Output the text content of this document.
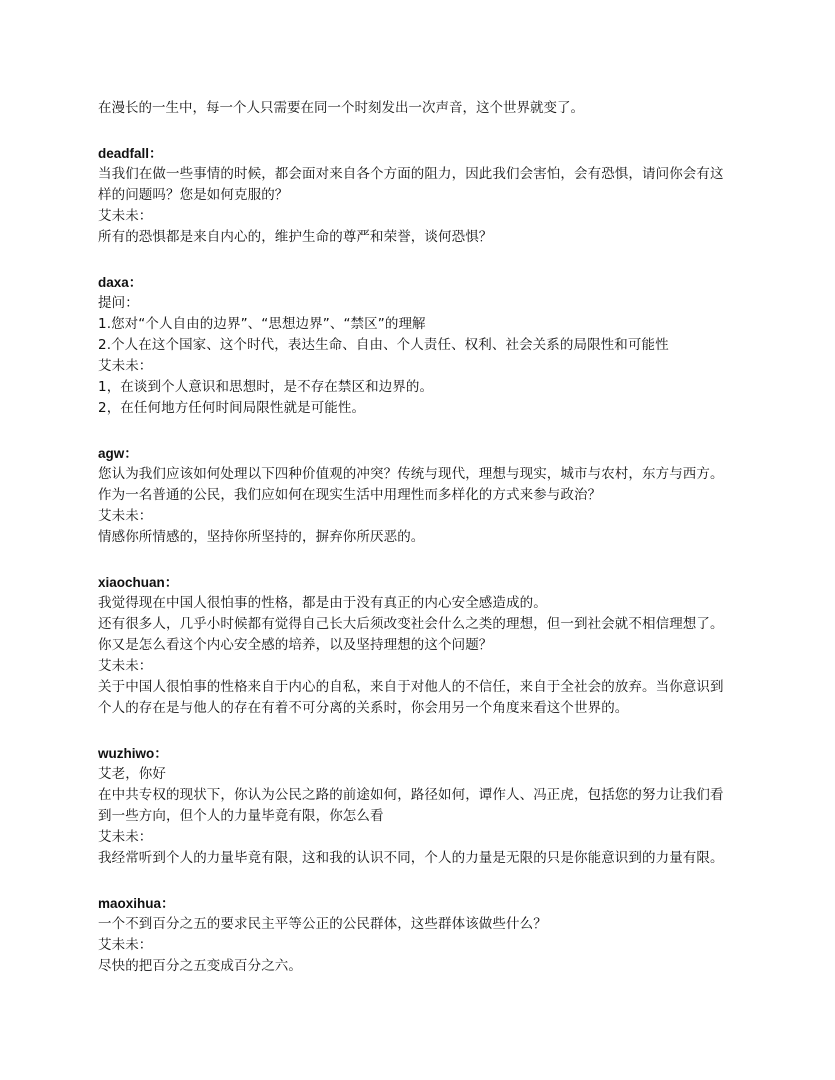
在漫长的一生中，每一个人只需要在同一个时刻发出一次声音，这个世界就变了。
deadfall：
当我们在做一些事情的时候，都会面对来自各个方面的阻力，因此我们会害怕，会有恐惧，请问你会有这
样的问题吗？您是如何克服的？
艾未未：
所有的恐惧都是来自内心的，维护生命的尊严和荣誉，谈何恐惧？
daxa：
提问：
1.您对“个人自由的边界”、“思想边界”、“禁区”的理解
2.个人在这个国家、这个时代，表达生命、自由、个人责任、权利、社会关系的局限性和可能性
艾未未：
1，在谈到个人意识和思想时，是不存在禁区和边界的。
2，在任何地方任何时间局限性就是可能性。
agw：
您认为我们应该如何处理以下四种价值观的冲突？传统与现代，理想与现实，城市与农村，东方与西方。
作为一名普通的公民，我们应如何在现实生活中用理性而多样化的方式来参与政治？
艾未未：
情感你所情感的，坚持你所坚持的，摒弃你所厌恶的。
xiaochuan：
我觉得现在中国人很怕事的性格，都是由于没有真正的内心安全感造成的。
还有很多人，几乎小时候都有觉得自己长大后须改变社会什么之类的理想，但一到社会就不相信理想了。
你又是怎么看这个内心安全感的培养，以及坚持理想的这个问题？
艾未未：
关于中国人很怕事的性格来自于内心的自私，来自于对他人的不信任，来自于全社会的放弃。当你意识到
个人的存在是与他人的存在有着不可分离的关系时，你会用另一个角度来看这个世界的。
wuzhiwo：
艾老，你好
在中共专权的现状下，你认为公民之路的前途如何，路径如何，谭作人、冯正虎，包括您的努力让我们看
到一些方向，但个人的力量毕竟有限，你怎么看
艾未未：
我经常听到个人的力量毕竟有限，这和我的认识不同，个人的力量是无限的只是你能意识到的力量有限。
maoxihua：
一个不到百分之五的要求民主平等公正的公民群体，这些群体该做些什么？
艾未未：
尽快的把百分之五变成百分之六。
